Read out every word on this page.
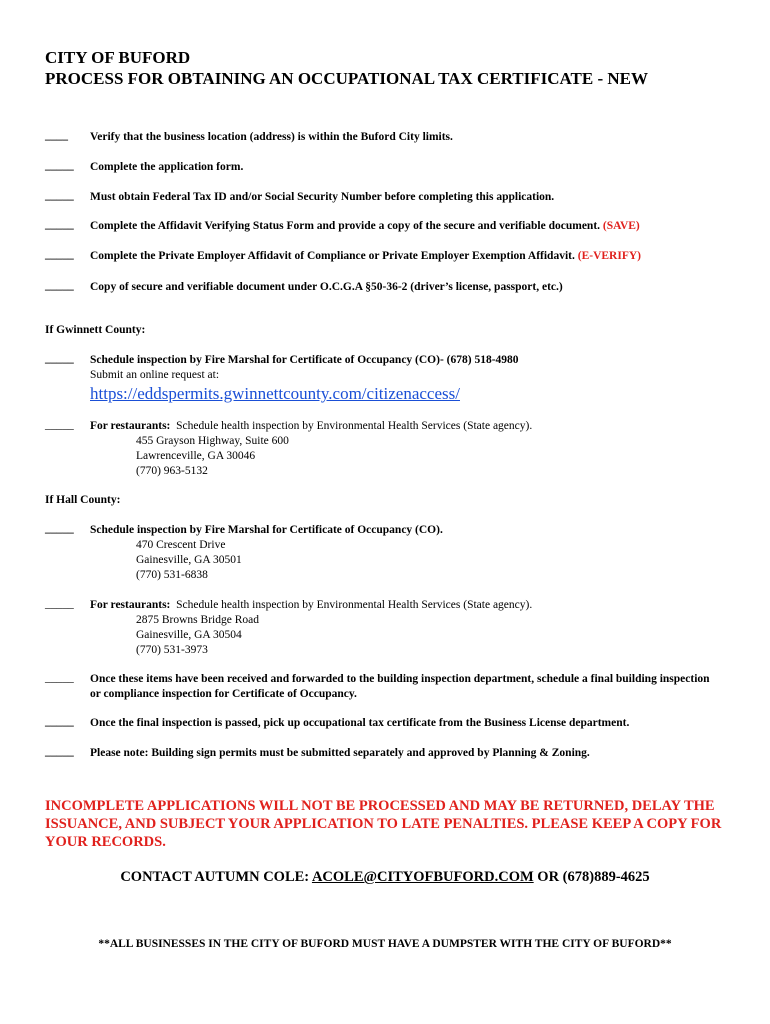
CITY OF BUFORD
PROCESS FOR OBTAINING AN OCCUPATIONAL TAX CERTIFICATE - NEW
____ Verify that the business location (address) is within the Buford City limits.
_____ Complete the application form.
_____ Must obtain Federal Tax ID and/or Social Security Number before completing this application.
_____ Complete the Affidavit Verifying Status Form and provide a copy of the secure and verifiable document. (SAVE)
_____ Complete the Private Employer Affidavit of Compliance or Private Employer Exemption Affidavit. (E-VERIFY)
_____ Copy of secure and verifiable document under O.C.G.A §50-36-2 (driver’s license, passport, etc.)
If Gwinnett County:
_____ Schedule inspection by Fire Marshal for Certificate of Occupancy (CO)- (678) 518-4980
Submit an online request at:
https://eddspermits.gwinnettcounty.com/citizenaccess/
_____ For restaurants: Schedule health inspection by Environmental Health Services (State agency).
455 Grayson Highway, Suite 600
Lawrenceville, GA 30046
(770) 963-5132
If Hall County:
_____ Schedule inspection by Fire Marshal for Certificate of Occupancy (CO).
470 Crescent Drive
Gainesville, GA 30501
(770) 531-6838
_____ For restaurants: Schedule health inspection by Environmental Health Services (State agency).
2875 Browns Bridge Road
Gainesville, GA 30504
(770) 531-3973
_____ Once these items have been received and forwarded to the building inspection department, schedule a final building inspection or compliance inspection for Certificate of Occupancy.
_____ Once the final inspection is passed, pick up occupational tax certificate from the Business License department.
_____ Please note: Building sign permits must be submitted separately and approved by Planning & Zoning.
INCOMPLETE APPLICATIONS WILL NOT BE PROCESSED AND MAY BE RETURNED, DELAY THE ISSUANCE, AND SUBJECT YOUR APPLICATION TO LATE PENALTIES. PLEASE KEEP A COPY FOR YOUR RECORDS.
CONTACT AUTUMN COLE: ACOLE@CITYOFBUFORD.COM OR (678)889-4625
**ALL BUSINESSES IN THE CITY OF BUFORD MUST HAVE A DUMPSTER WITH THE CITY OF BUFORD**
